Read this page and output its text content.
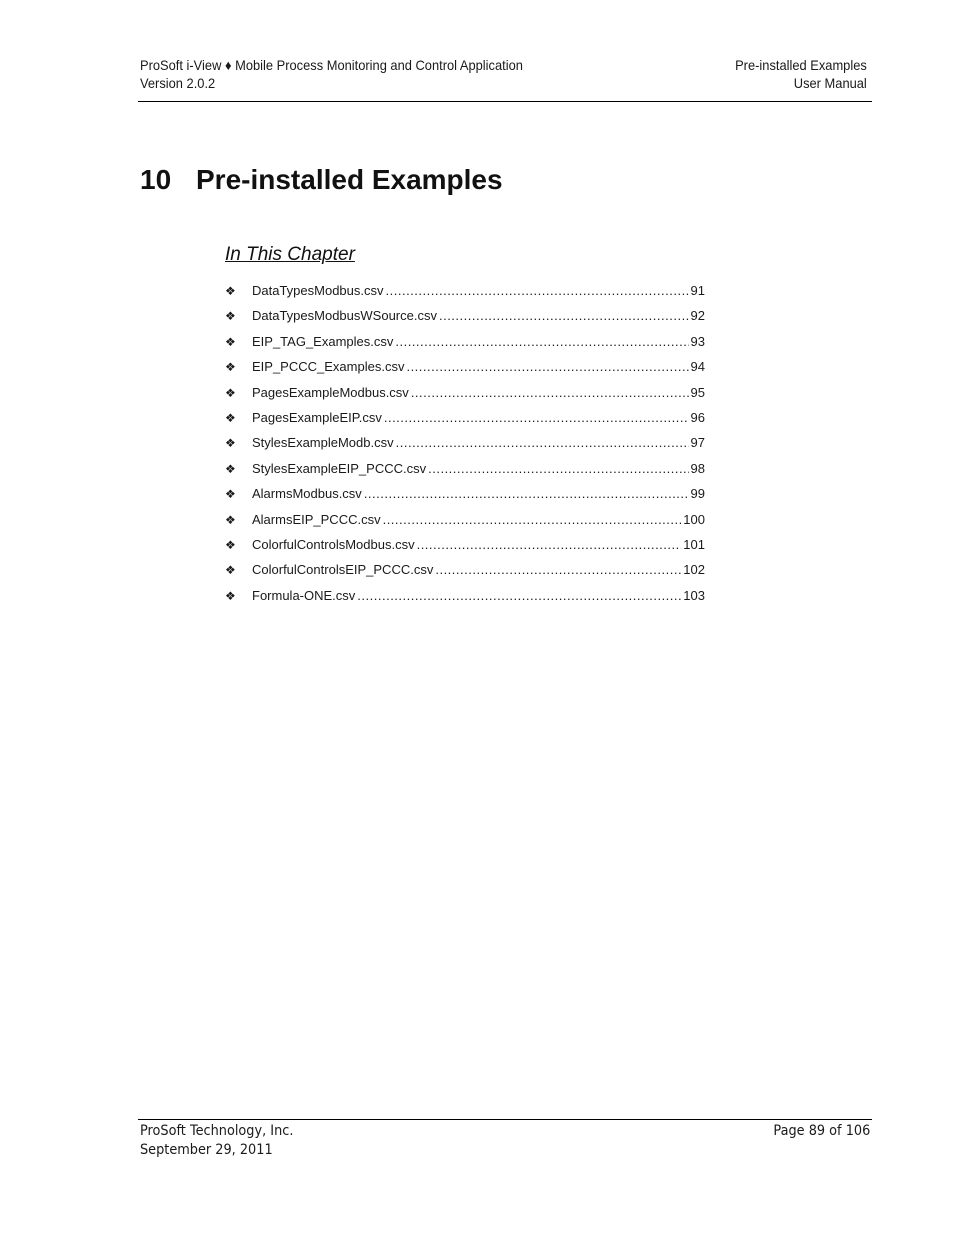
ProSoft i-View ♦ Mobile Process Monitoring and Control Application
Version 2.0.2
Pre-installed Examples
User Manual
10 Pre-installed Examples
In This Chapter
❖	DataTypesModbus.csv .....	91
❖	DataTypesModbusWSource.csv .....	92
❖	EIP_TAG_Examples.csv .....	93
❖	EIP_PCCC_Examples.csv .....	94
❖	PagesExampleModbus.csv .....	95
❖	PagesExampleEIP.csv .....	96
❖	StylesExampleModb.csv .....	97
❖	StylesExampleEIP_PCCC.csv .....	98
❖	AlarmsModbus.csv .....	99
❖	AlarmsEIP_PCCC.csv .....	100
❖	ColorfulControlsModbus.csv .....	101
❖	ColorfulControlsEIP_PCCC.csv .....	102
❖	Formula-ONE.csv .....	103
ProSoft Technology, Inc.
September 29, 2011
Page 89 of 106
